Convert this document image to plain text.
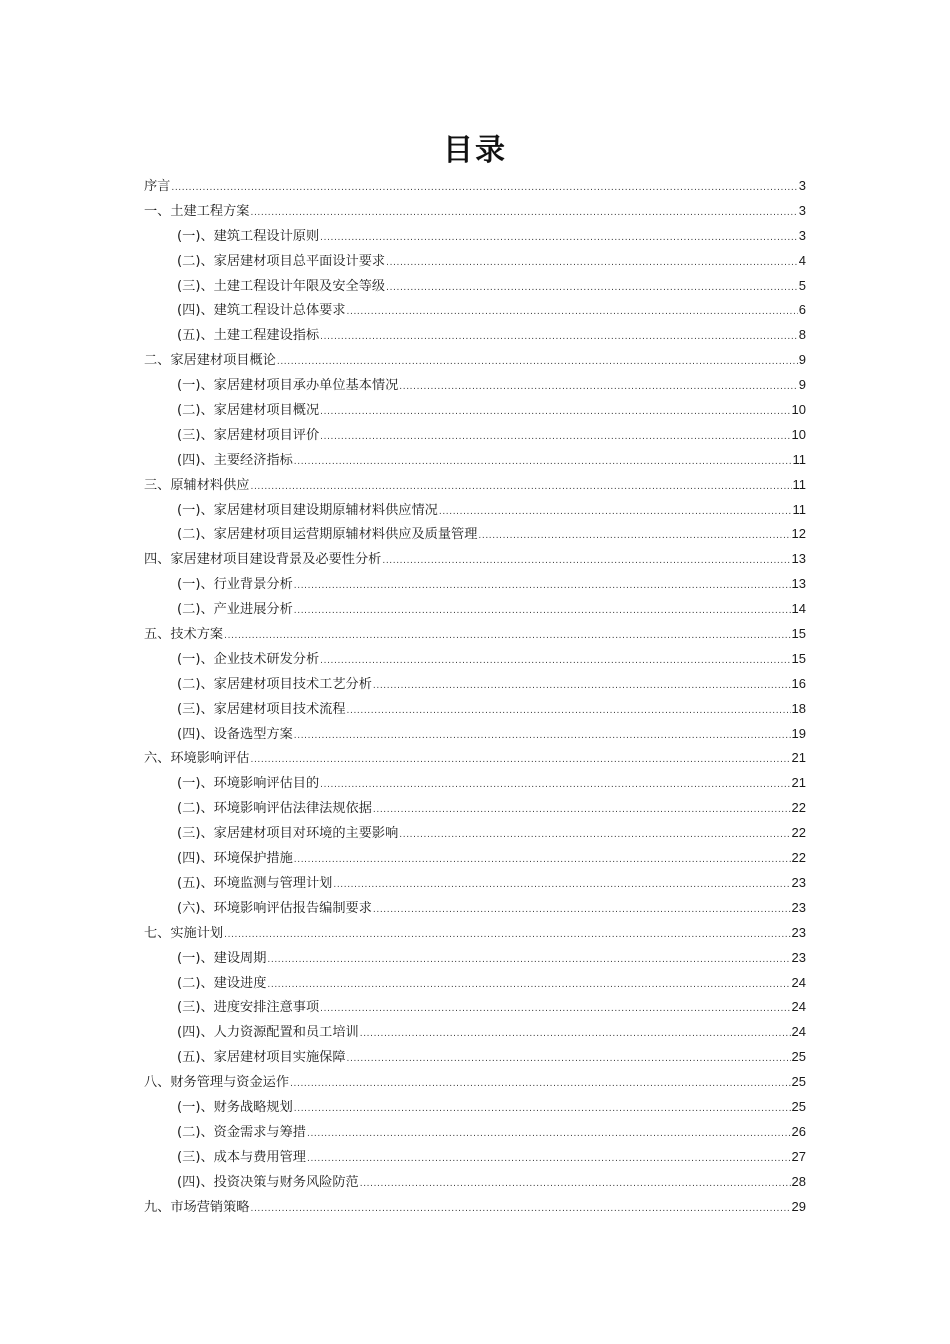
目录
序言 .....	3
一、土建工程方案 .....	3
(一)、建筑工程设计原则 .....	3
(二)、家居建材项目总平面设计要求 .....	4
(三)、土建工程设计年限及安全等级 .....	5
(四)、建筑工程设计总体要求 .....	6
(五)、土建工程建设指标 .....	8
二、家居建材项目概论 .....	9
(一)、家居建材项目承办单位基本情况 .....	9
(二)、家居建材项目概况 .....	10
(三)、家居建材项目评价 .....	10
(四)、主要经济指标 .....	11
三、原辅材料供应 .....	11
(一)、家居建材项目建设期原辅材料供应情况 .....	11
(二)、家居建材项目运营期原辅材料供应及质量管理 .....	12
四、家居建材项目建设背景及必要性分析 .....	13
(一)、行业背景分析 .....	13
(二)、产业进展分析 .....	14
五、技术方案 .....	15
(一)、企业技术研发分析 .....	15
(二)、家居建材项目技术工艺分析 .....	16
(三)、家居建材项目技术流程 .....	18
(四)、设备选型方案 .....	19
六、环境影响评估 .....	21
(一)、环境影响评估目的 .....	21
(二)、环境影响评估法律法规依据 .....	22
(三)、家居建材项目对环境的主要影响 .....	22
(四)、环境保护措施 .....	22
(五)、环境监测与管理计划 .....	23
(六)、环境影响评估报告编制要求 .....	23
七、实施计划 .....	23
(一)、建设周期 .....	23
(二)、建设进度 .....	24
(三)、进度安排注意事项 .....	24
(四)、人力资源配置和员工培训 .....	24
(五)、家居建材项目实施保障 .....	25
八、财务管理与资金运作 .....	25
(一)、财务战略规划 .....	25
(二)、资金需求与筹措 .....	26
(三)、成本与费用管理 .....	27
(四)、投资决策与财务风险防范 .....	28
九、市场营销策略 .....	29
